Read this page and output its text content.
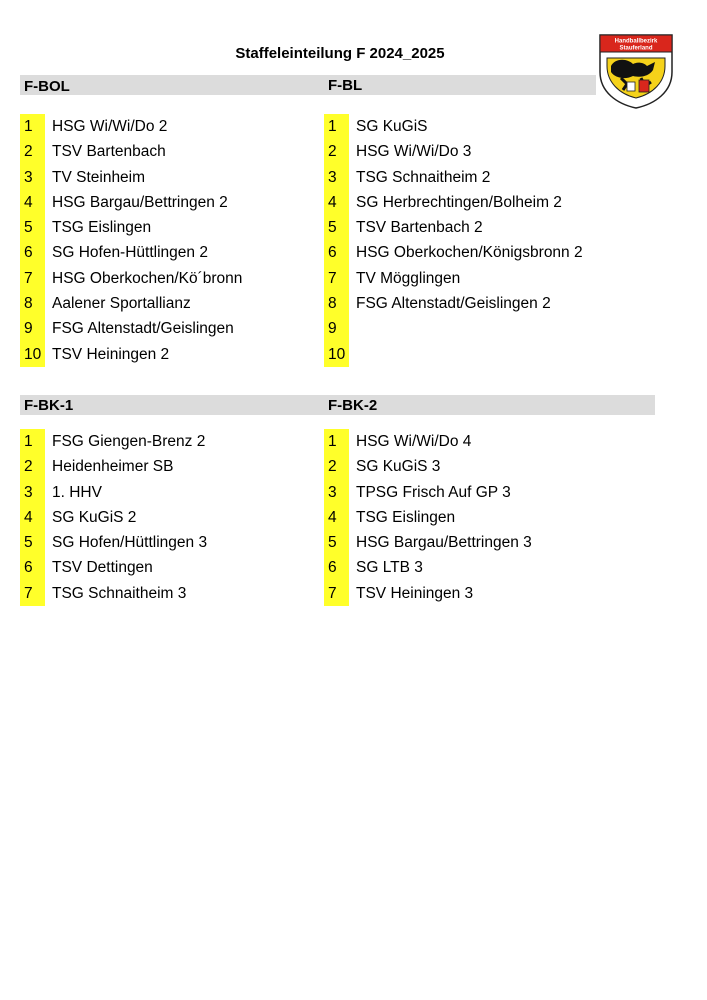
Staffeleinteilung F 2024_2025
Handballbezirk
Stauferland
F-BOL	F-BL
F-BK-1	F-BK-2
1	HSG Wi/Wi/Do 2
2	TSV Bartenbach
3	TV Steinheim
4	HSG Bargau/Bettringen 2
5	TSG Eislingen
6	SG Hofen-Hüttlingen 2
7	HSG Oberkochen/Kö´bronn
8	Aalener Sportallianz
9	FSG Altenstadt/Geislingen
10 TSV Heiningen 2
1	SG KuGiS
2	HSG Wi/Wi/Do 3
3	TSG Schnaitheim 2
4	SG Herbrechtingen/Bolheim 2
5	TSV Bartenbach 2
6	HSG Oberkochen/Königsbronn 2
7	TV Mögglingen
8	FSG Altenstadt/Geislingen 2
9
10
1	FSG Giengen-Brenz 2
2	Heidenheimer SB
3	1. HHV
4	SG KuGiS 2
5	SG Hofen/Hüttlingen 3
6	TSV Dettingen
7	TSG Schnaitheim 3
1	HSG Wi/Wi/Do 4
2	SG KuGiS 3
3	TPSG Frisch Auf GP 3
4	TSG Eislingen
5	HSG Bargau/Bettringen 3
6	SG LTB 3
7	TSV Heiningen 3
